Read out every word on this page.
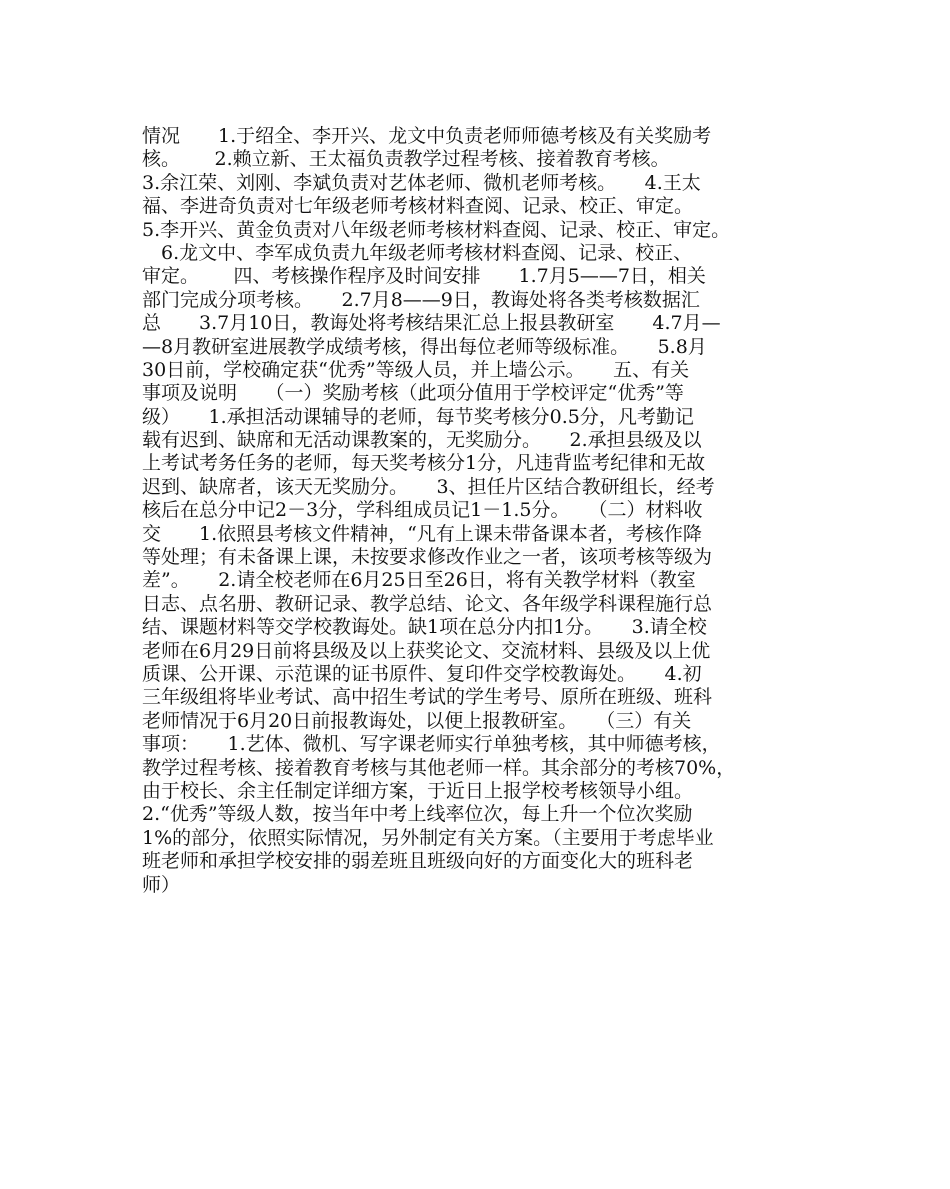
情况　　1.于绍全、李开兴、龙文中负责老师师德考核及有关奖励考
核。　　 2.赖立新、王太福负责教学过程考核、接着教育考核。
3.余江荣、刘刚、李斌负责对艺体老师、微机老师考核。　　4.王太
福、李进奇负责对七年级老师考核材料查阅、记录、校正、审定。
5.李开兴、黄金负责对八年级老师考核材料查阅、记录、校正、审定。
　6.龙文中、李军成负责九年级老师考核材料查阅、记录、校正、
审定。　　 四、考核操作程序及时间安排　　1.7月5——7日，相关
部门完成分项考核。　　2.7月8——9日，教诲处将各类考核数据汇
总　　3.7月10日，教诲处将考核结果汇总上报县教研室　　4.7月—
—8月教研室进展教学成绩考核，得出每位老师等级标准。　　5.8月
30日前，学校确定获“优秀”等级人员，并上墙公示。　　五、有关
事项及说明　　（一）奖励考核（此项分值用于学校评定“优秀”等
级）　　1.承担活动课辅导的老师，每节奖考核分0.5分，凡考勤记
载有迟到、缺席和无活动课教案的，无奖励分。　　2.承担县级及以
上考试考务任务的老师，每天奖考核分1分，凡违背监考纪律和无故
迟到、缺席者，该天无奖励分。　　3、担任片区结合教研组长，经考
核后在总分中记2－3分，学科组成员记1－1.5分。　　（二）材料收
交　　1.依照县考核文件精神，“凡有上课未带备课本者，考核作降
等处理；有未备课上课，未按要求修改作业之一者，该项考核等级为
差”。　　2.请全校老师在6月25日至26日，将有关教学材料（教室
日志、点名册、教研记录、教学总结、论文、各年级学科课程施行总
结、课题材料等交学校教诲处。缺1项在总分内扣1分。　　3.请全校
老师在6月29日前将县级及以上获奖论文、交流材料、县级及以上优
质课、公开课、示范课的证书原件、复印件交学校教诲处。　　4.初
三年级组将毕业考试、高中招生考试的学生考号、原所在班级、班科
老师情况于6月20日前报教诲处，以便上报教研室。　　（三）有关
事项：　　1.艺体、微机、写字课老师实行单独考核，其中师德考核，
教学过程考核、接着教育考核与其他老师一样。其余部分的考核70%，
由于校长、余主任制定详细方案，于近日上报学校考核领导小组。
2.“优秀”等级人数，按当年中考上线率位次，每上升一个位次奖励
1%的部分，依照实际情况，另外制定有关方案。（主要用于考虑毕业
班老师和承担学校安排的弱差班且班级向好的方面变化大的班科老
师）
